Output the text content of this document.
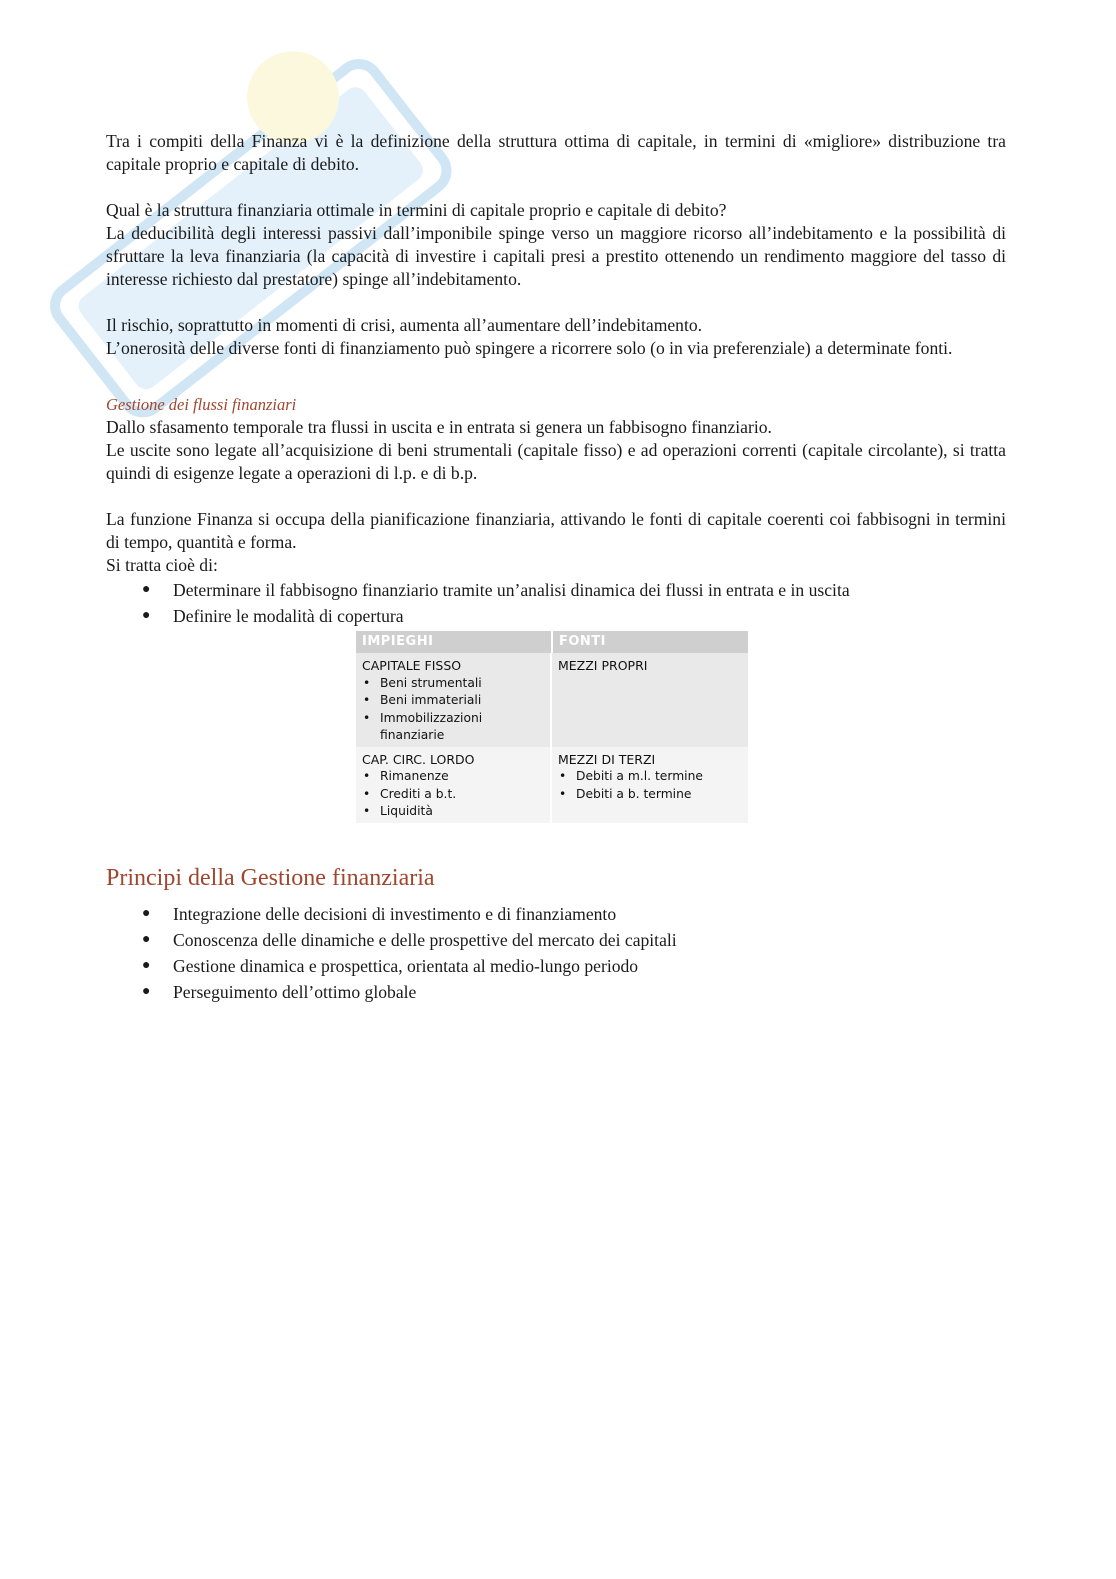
Tra i compiti della Finanza vi è la definizione della struttura ottima di capitale, in termini di «migliore» distribuzione tra capitale proprio e capitale di debito.

Qual è la struttura finanziaria ottimale in termini di capitale proprio e capitale di debito?

La deducibilità degli interessi passivi dall’imponibile spinge verso un maggiore ricorso all’indebitamento e la possibilità di sfruttare la leva finanziaria (la capacità di investire i capitali presi a prestito ottenendo un rendimento maggiore del tasso di interesse richiesto dal prestatore) spinge all’indebitamento.

Il rischio, soprattutto in momenti di crisi, aumenta all’aumentare dell’indebitamento.

L’onerosità delle diverse fonti di finanziamento può spingere a ricorrere solo (o in via preferenziale) a determinate fonti.

Gestione dei flussi finanziari

Dallo sfasamento temporale tra flussi in uscita e in entrata si genera un fabbisogno finanziario.

Le uscite sono legate all’acquisizione di beni strumentali (capitale fisso) e ad operazioni correnti (capitale circolante), si tratta quindi di esigenze legate a operazioni di l.p. e di b.p.

La funzione Finanza si occupa della pianificazione finanziaria, attivando le fonti di capitale coerenti coi fabbisogni in termini di tempo, quantità e forma.

Si tratta cioè di:

● Determinare il fabbisogno finanziario tramite un’analisi dinamica dei flussi in entrata e in uscita
● Definire le modalità di copertura
IMPIEGHI	FONTI
CAPITALE FISSO
• Beni strumentali
• Beni immateriali
• Immobilizzazioni finanziarie
MEZZI PROPRI
CAP. CIRC. LORDO
• Rimanenze
• Crediti a b.t.
• Liquidità
MEZZI DI TERZI
• Debiti a m.l. termine
• Debiti a b. termine
Principi della Gestione finanziaria
● Integrazione delle decisioni di investimento e di finanziamento
● Conoscenza delle dinamiche e delle prospettive del mercato dei capitali
● Gestione dinamica e prospettica, orientata al medio-lungo periodo
● Perseguimento dell’ottimo globale
